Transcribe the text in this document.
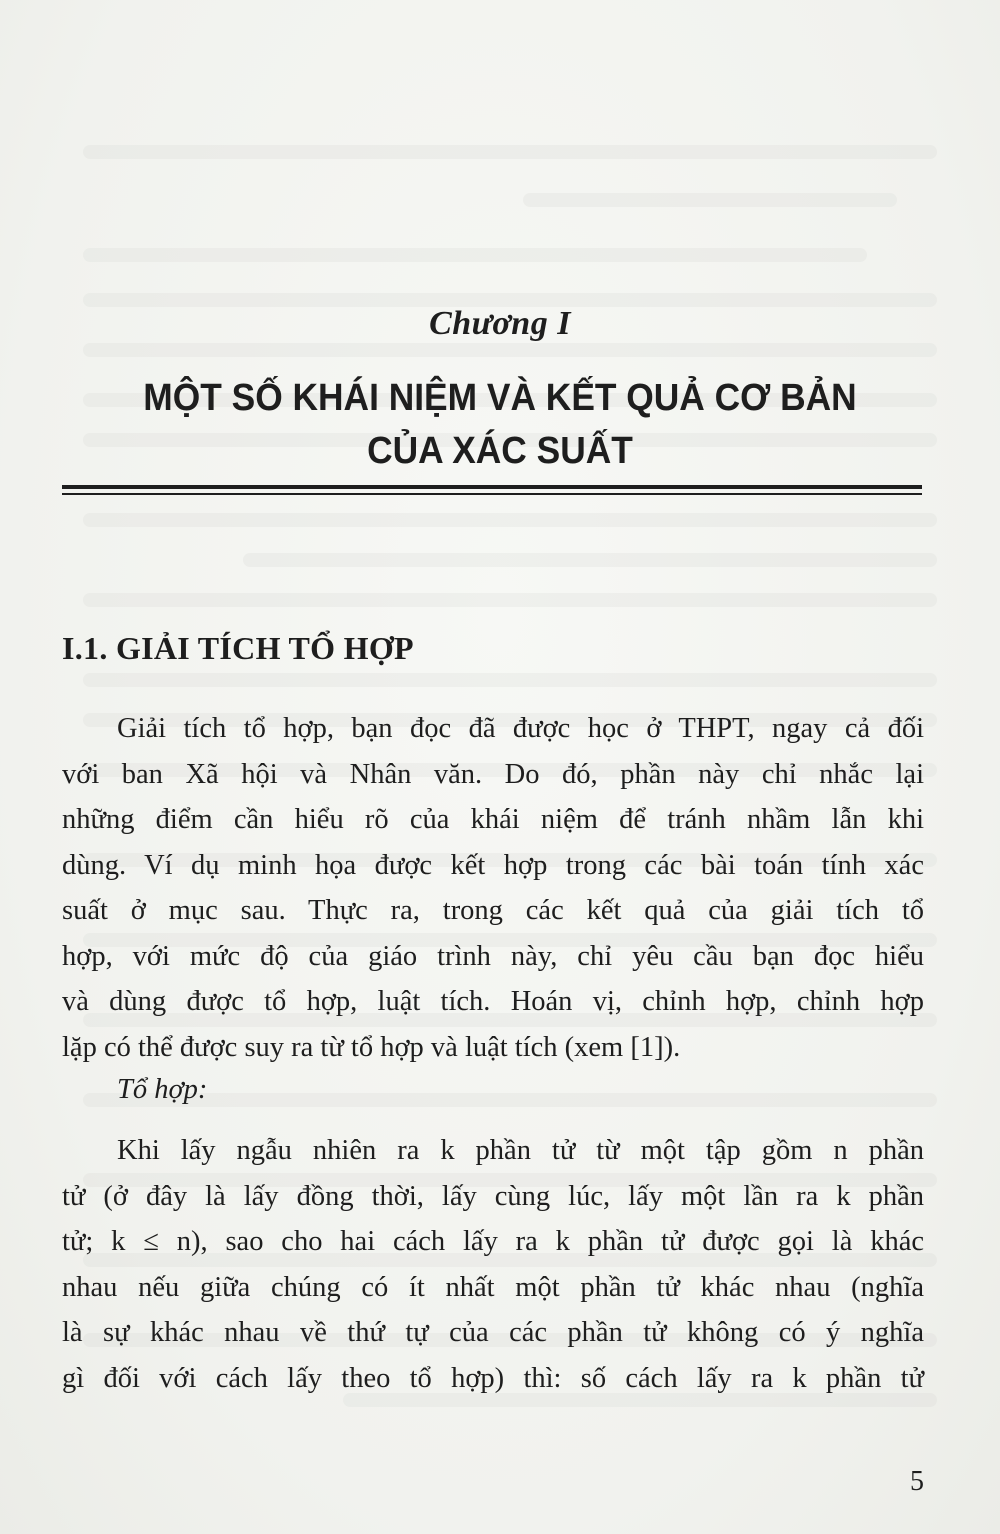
Chương I
MỘT SỐ KHÁI NIỆM VÀ KẾT QUẢ CƠ BẢN
CỦA XÁC SUẤT
I.1. GIẢI TÍCH TỔ HỢP
Giải tích tổ hợp, bạn đọc đã được học ở THPT, ngay cả đối
với ban Xã hội và Nhân văn. Do đó, phần này chỉ nhắc lại
những điểm cần hiểu rõ của khái niệm để tránh nhầm lẫn khi
dùng. Ví dụ minh họa được kết hợp trong các bài toán tính xác
suất ở mục sau. Thực ra, trong các kết quả của giải tích tổ
hợp, với mức độ của giáo trình này, chỉ yêu cầu bạn đọc hiểu
và dùng được tổ hợp, luật tích. Hoán vị, chỉnh hợp, chỉnh hợp
lặp có thể được suy ra từ tổ hợp và luật tích (xem [1]).
Tổ hợp:
Khi lấy ngẫu nhiên ra k phần tử từ một tập gồm n phần
tử (ở đây là lấy đồng thời, lấy cùng lúc, lấy một lần ra k phần
tử; k ≤ n), sao cho hai cách lấy ra k phần tử được gọi là khác
nhau nếu giữa chúng có ít nhất một phần tử khác nhau (nghĩa
là sự khác nhau về thứ tự của các phần tử không có ý nghĩa
gì đối với cách lấy theo tổ hợp) thì: số cách lấy ra k phần tử
5
